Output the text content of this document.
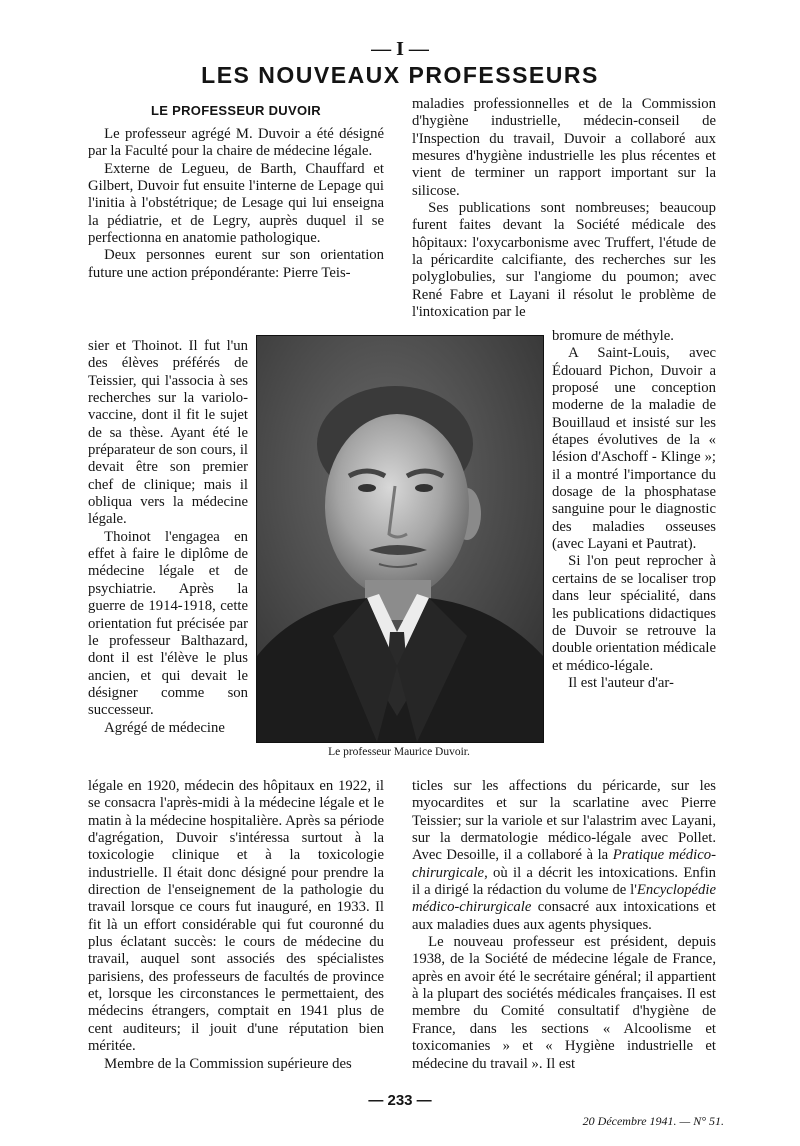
— I —
LES NOUVEAUX PROFESSEURS
LE PROFESSEUR DUVOIR

Le professeur agrégé M. Duvoir a été désigné par la Faculté pour la chaire de médecine légale.

Externe de Legueu, de Barth, Chauffard et Gilbert, Duvoir fut ensuite l'interne de Lepage qui l'initia à l'obstétrique; de Lesage qui lui enseigna la pédiatrie, et de Legry, auprès duquel il se perfectionna en anatomie pathologique.

Deux personnes eurent sur son orientation future une action prépondérante: Pierre Teis-

sier et Thoinot. Il fut l'un des élèves préférés de Teissier, qui l'associa à ses recherches sur la variolo-vaccine, dont il fit le sujet de sa thèse. Ayant été le préparateur de son cours, il devait être son premier chef de clinique; mais il obliqua vers la médecine légale.

Thoinot l'engagea en effet à faire le diplôme de médecine légale et de psychiatrie. Après la guerre de 1914-1918, cette orientation fut précisée par le professeur Balthazard, dont il est l'élève le plus ancien, et qui devait le désigner comme son successeur.

Agrégé de médecine

légale en 1920, médecin des hôpitaux en 1922, il se consacra l'après-midi à la médecine légale et le matin à la médecine hospitalière. Après sa période d'agrégation, Duvoir s'intéressa surtout à la toxicologie clinique et à la toxicologie industrielle. Il était donc désigné pour prendre la direction de l'enseignement de la pathologie du travail lorsque ce cours fut inauguré, en 1933. Il fit là un effort considérable qui fut couronné du plus éclatant succès: le cours de médecine du travail, auquel sont associés des spécialistes parisiens, des professeurs de facultés de province et, lorsque les circonstances le permettaient, des médecins étrangers, comptait en 1941 plus de cent auditeurs; il jouit d'une réputation bien méritée.

Membre de la Commission supérieure des

maladies professionnelles et de la Commission d'hygiène industrielle, médecin-conseil de l'Inspection du travail, Duvoir a collaboré aux mesures d'hygiène industrielle les plus récentes et vient de terminer un rapport important sur la silicose.

Ses publications sont nombreuses; beaucoup furent faites devant la Société médicale des hôpitaux: l'oxycarbonisme avec Truffert, l'étude de la péricardite calcifiante, des recherches sur les polyglobulies, sur l'angiome du poumon; avec René Fabre et Layani il résolut le problème de l'intoxication par le

bromure de méthyle.

A Saint-Louis, avec Édouard Pichon, Duvoir a proposé une conception moderne de la maladie de Bouillaud et insisté sur les étapes évolutives de la « lésion d'Aschoff - Klinge »; il a montré l'importance du dosage de la phosphatase sanguine pour le diagnostic des maladies osseuses (avec Layani et Pautrat).

Si l'on peut reprocher à certains de se localiser trop dans leur spécialité, dans les publications didactiques de Duvoir se retrouve la double orientation médicale et médico-légale.

Il est l'auteur d'ar-

ticles sur les affections du péricarde, sur les myocardites et sur la scarlatine avec Pierre Teissier; sur la variole et sur l'alastrim avec Layani, sur la dermatologie médico-légale avec Pollet. Avec Desoille, il a collaboré à la Pratique médico-chirurgicale, où il a décrit les intoxications. Enfin il a dirigé la rédaction du volume de l'Encyclopédie médico-chirurgicale consacré aux intoxications et aux maladies dues aux agents physiques.

Le nouveau professeur est président, depuis 1938, de la Société de médecine légale de France, après en avoir été le secrétaire général; il appartient à la plupart des sociétés médicales françaises. Il est membre du Comité consultatif d'hygiène de France, dans les sections « Alcoolisme et toxicomanies » et « Hygiène industrielle et médecine du travail ». Il est

Le professeur Maurice Duvoir.
— 233 —
20 Décembre 1941. — N° 51.
